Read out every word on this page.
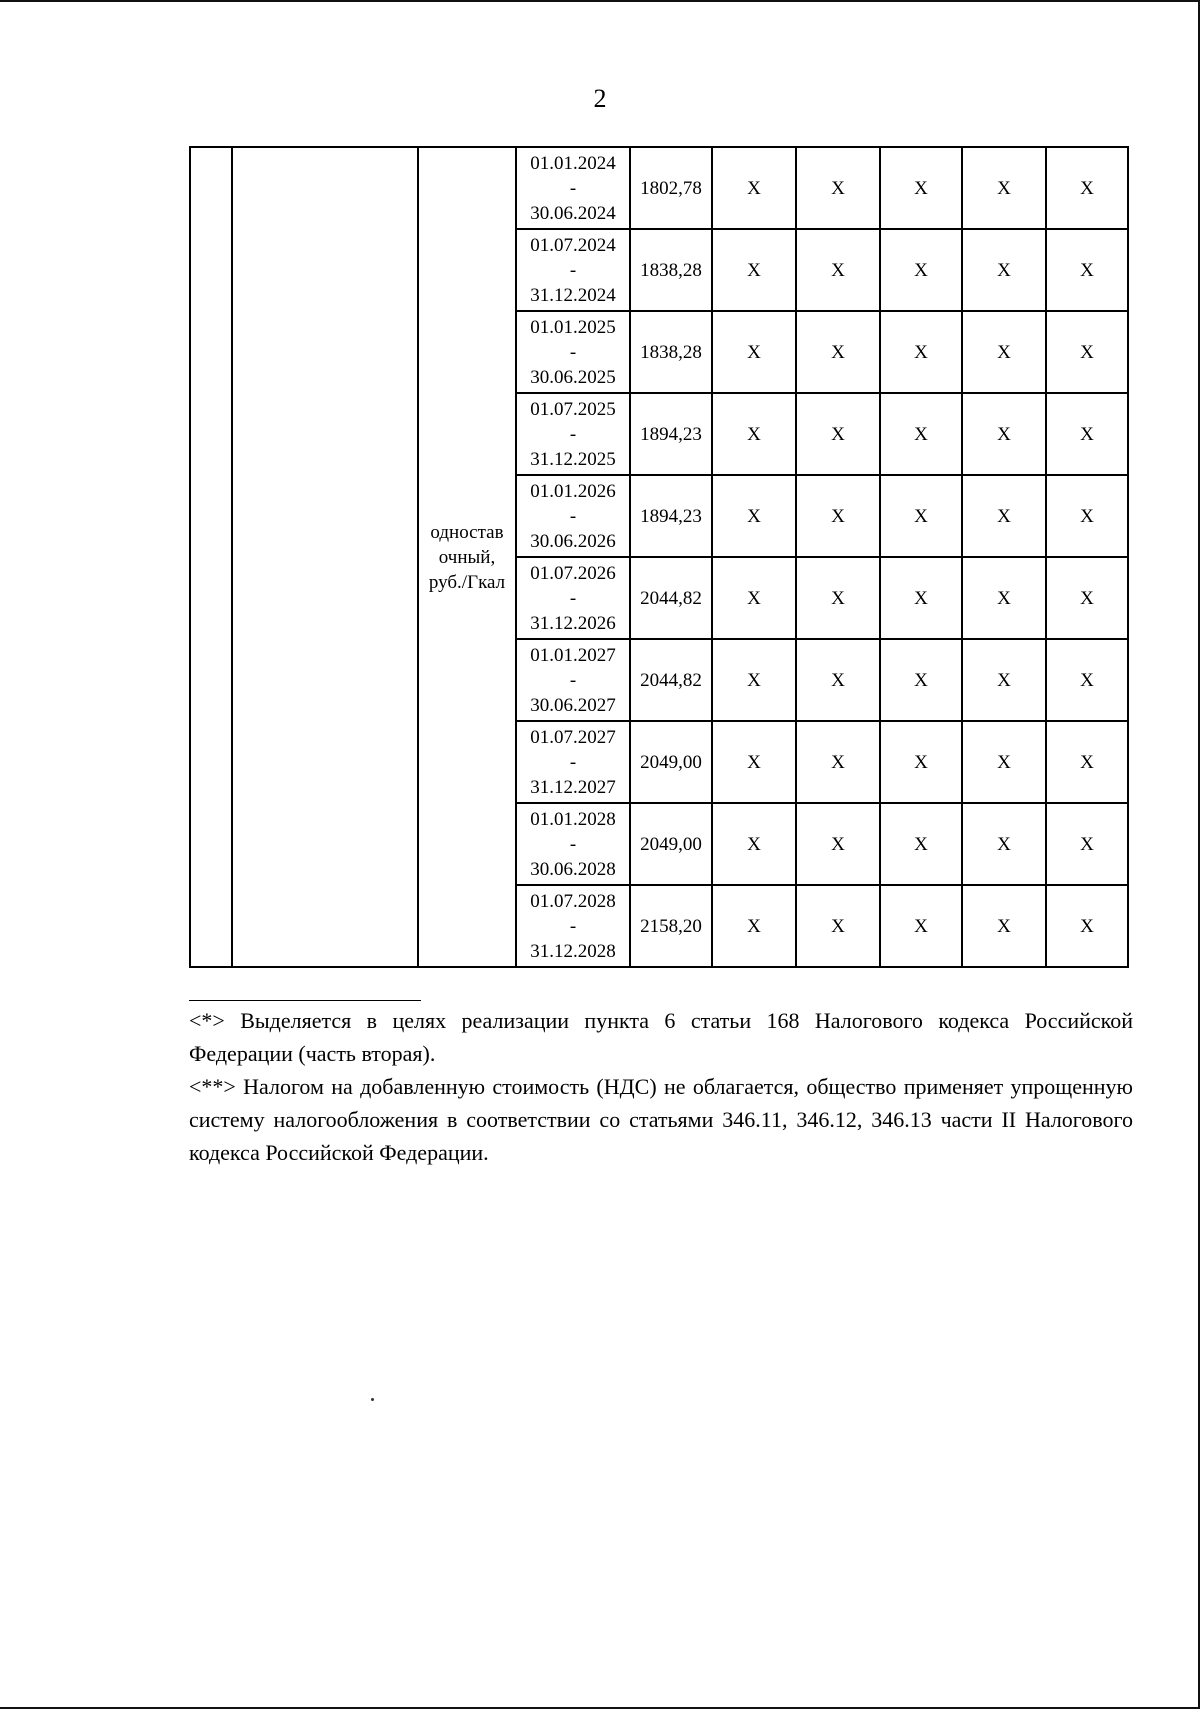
2
		одностав очный, руб./Гкал	01.01.2024
-
30.06.2024	1802,78	X	X	X	X	X

			01.07.2024
-
31.12.2024	1838,28	X	X	X	X	X

			01.01.2025
-
30.06.2025	1838,28	X	X	X	X	X

			01.07.2025
-
31.12.2025	1894,23	X	X	X	X	X

			01.01.2026
-
30.06.2026	1894,23	X	X	X	X	X

			01.07.2026
-
31.12.2026	2044,82	X	X	X	X	X

			01.01.2027
-
30.06.2027	2044,82	X	X	X	X	X

			01.07.2027
-
31.12.2027	2049,00	X	X	X	X	X

			01.01.2028
-
30.06.2028	2049,00	X	X	X	X	X

			01.07.2028
-
31.12.2028	2158,20	X	X	X	X	X

<*> Выделяется в целях реализации пункта 6 статьи 168 Налогового кодекса Российской Федерации (часть вторая).

<**> Налогом на добавленную стоимость (НДС) не облагается, общество применяет упрощенную систему налогообложения в соответствии со статьями 346.11, 346.12, 346.13 части II Налогового кодекса Российской Федерации.
